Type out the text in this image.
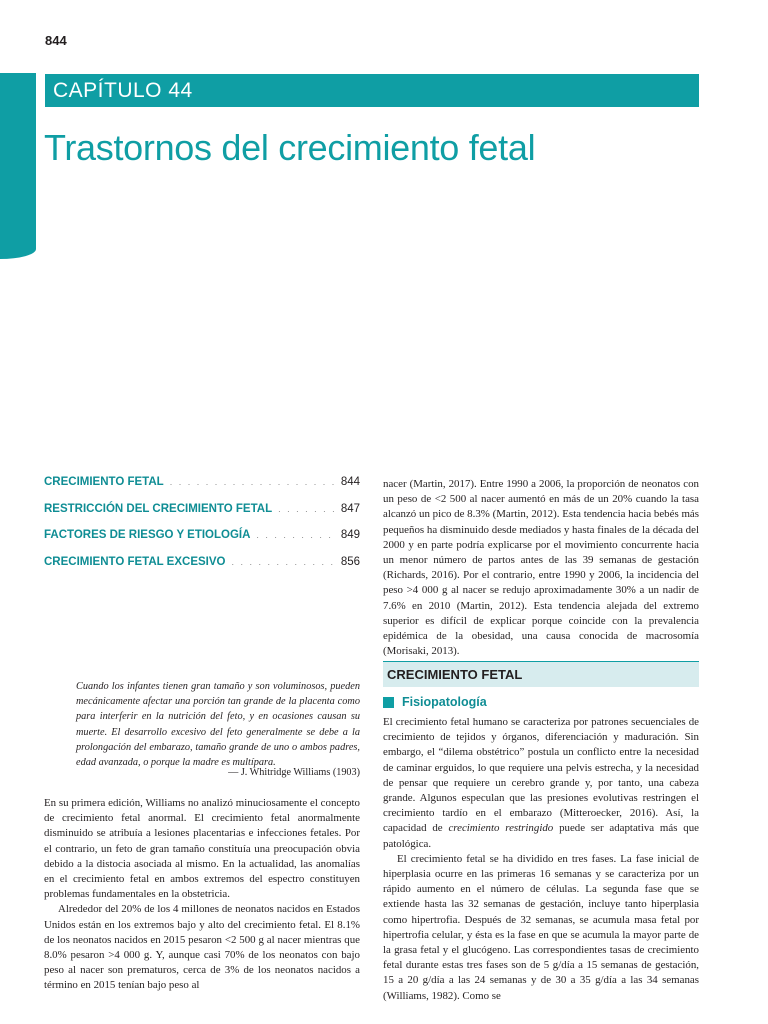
844
CAPÍTULO 44
Trastornos del crecimiento fetal
CRECIMIENTO FETAL . . .	844
RESTRICCIÓN DEL CRECIMIENTO FETAL . . .	847
FACTORES DE RIESGO Y ETIOLOGÍA . . .	849
CRECIMIENTO FETAL EXCESIVO . . .	856
Cuando los infantes tienen gran tamaño y son voluminosos, pueden mecánicamente afectar una porción tan grande de la placenta como para interferir en la nutrición del feto, y en ocasiones causan su muerte. El desarrollo excesivo del feto generalmente se debe a la prolongación del embarazo, tamaño grande de uno o ambos padres, edad avanzada, o porque la madre es multípara.
— J. Whitridge Williams (1903)

En su primera edición, Williams no analizó minuciosamente el concepto de crecimiento fetal anormal. El crecimiento fetal anormalmente disminuido se atribuía a lesiones placentarias e infecciones fetales. Por el contrario, un feto de gran tamaño constituía una preocupación obvia debido a la distocia asociada al mismo. En la actualidad, las anomalías en el crecimiento fetal en ambos extremos del espectro constituyen problemas fundamentales en la obstetricia.

Alrededor del 20% de los 4 millones de neonatos nacidos en Estados Unidos están en los extremos bajo y alto del crecimiento fetal. El 8.1% de los neonatos nacidos en 2015 pesaron <2 500 g al nacer mientras que 8.0% pesaron >4 000 g. Y, aunque casi 70% de los neonatos con bajo peso al nacer son prematuros, cerca de 3% de los neonatos nacidos a término en 2015 tenían bajo peso al

nacer (Martin, 2017). Entre 1990 a 2006, la proporción de neonatos con un peso de <2 500 al nacer aumentó en más de un 20% cuando la tasa alcanzó un pico de 8.3% (Martin, 2012). Esta tendencia hacia bebés más pequeños ha disminuido desde mediados y hasta finales de la década del 2000 y en parte podría explicarse por el movimiento concurrente hacia un menor número de partos antes de las 39 semanas de gestación (Richards, 2016). Por el contrario, entre 1990 y 2006, la incidencia del peso >4 000 g al nacer se redujo aproximadamente 30% a un nadir de 7.6% en 2010 (Martin, 2012). Esta tendencia alejada del extremo superior es difícil de explicar porque coincide con la prevalencia epidémica de la obesidad, una causa conocida de macrosomía (Morisaki, 2013).

CRECIMIENTO FETAL
Fisiopatología

El crecimiento fetal humano se caracteriza por patrones secuenciales de crecimiento de tejidos y órganos, diferenciación y maduración. Sin embargo, el “dilema obstétrico” postula un conflicto entre la necesidad de caminar erguidos, lo que requiere una pelvis estrecha, y la necesidad de pensar que requiere un cerebro grande y, por tanto, una cabeza grande. Algunos especulan que las presiones evolutivas restringen el crecimiento tardío en el embarazo (Mitteroecker, 2016). Así, la capacidad de crecimiento restringido puede ser adaptativa más que patológica.

El crecimiento fetal se ha dividido en tres fases. La fase inicial de hiperplasia ocurre en las primeras 16 semanas y se caracteriza por un rápido aumento en el número de células. La segunda fase que se extiende hasta las 32 semanas de gestación, incluye tanto hiperplasia como hipertrofia. Después de 32 semanas, se acumula masa fetal por hipertrofia celular, y ésta es la fase en que se acumula la mayor parte de la grasa fetal y el glucógeno. Las correspondientes tasas de crecimiento fetal durante estas tres fases son de 5 g/día a 15 semanas de gestación, 15 a 20 g/día a las 24 semanas y de 30 a 35 g/día a las 34 semanas (Williams, 1982). Como se
